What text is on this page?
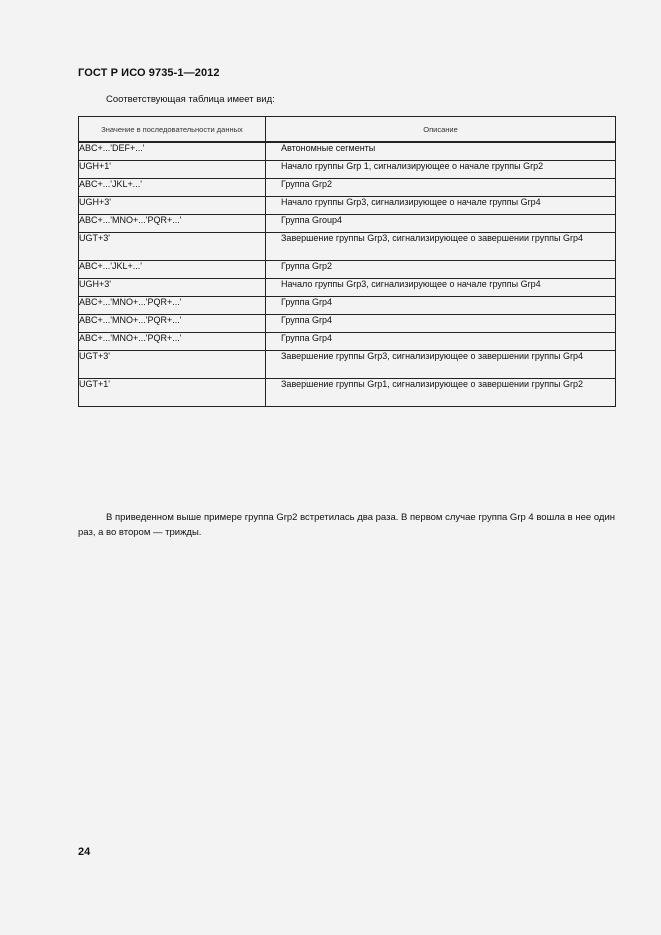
ГОСТ Р ИСО 9735-1—2012
Соответствующая таблица имеет вид:
Значение в последовательности данных	Описание
ABC+...'DEF+...'	Автономные сегменты

UGH+1'	Начало группы Grp 1, сигнализирующее о начале группы Grp2

ABC+...'JKL+...'	Группа Grp2

UGH+3'	Начало группы Grp3, сигнализирующее о начале группы Grp4

ABC+...'MNO+...'PQR+...'	Группа Group4

UGT+3'	Завершение группы Grp3, сигнализирующее о завершении группы Grp4

ABC+...'JKL+...'	Группа Grp2

UGH+3'	Начало группы Grp3, сигнализирующее о начале группы Grp4

ABC+...'MNO+...'PQR+...'	Группа Grp4

ABC+...'MNO+...'PQR+...'	Группа Grp4

ABC+...'MNO+...'PQR+...'	Группа Grp4

UGT+3'	Завершение группы Grp3, сигнализирующее о завершении группы Grp4

UGT+1'	Завершение группы Grp1, сигнализирующее о завершении группы Grp2
В приведенном выше примере группа Grp2 встретилась два раза. В первом случае группа Grp 4 вошла в нее один раз, а во втором — трижды.
24
